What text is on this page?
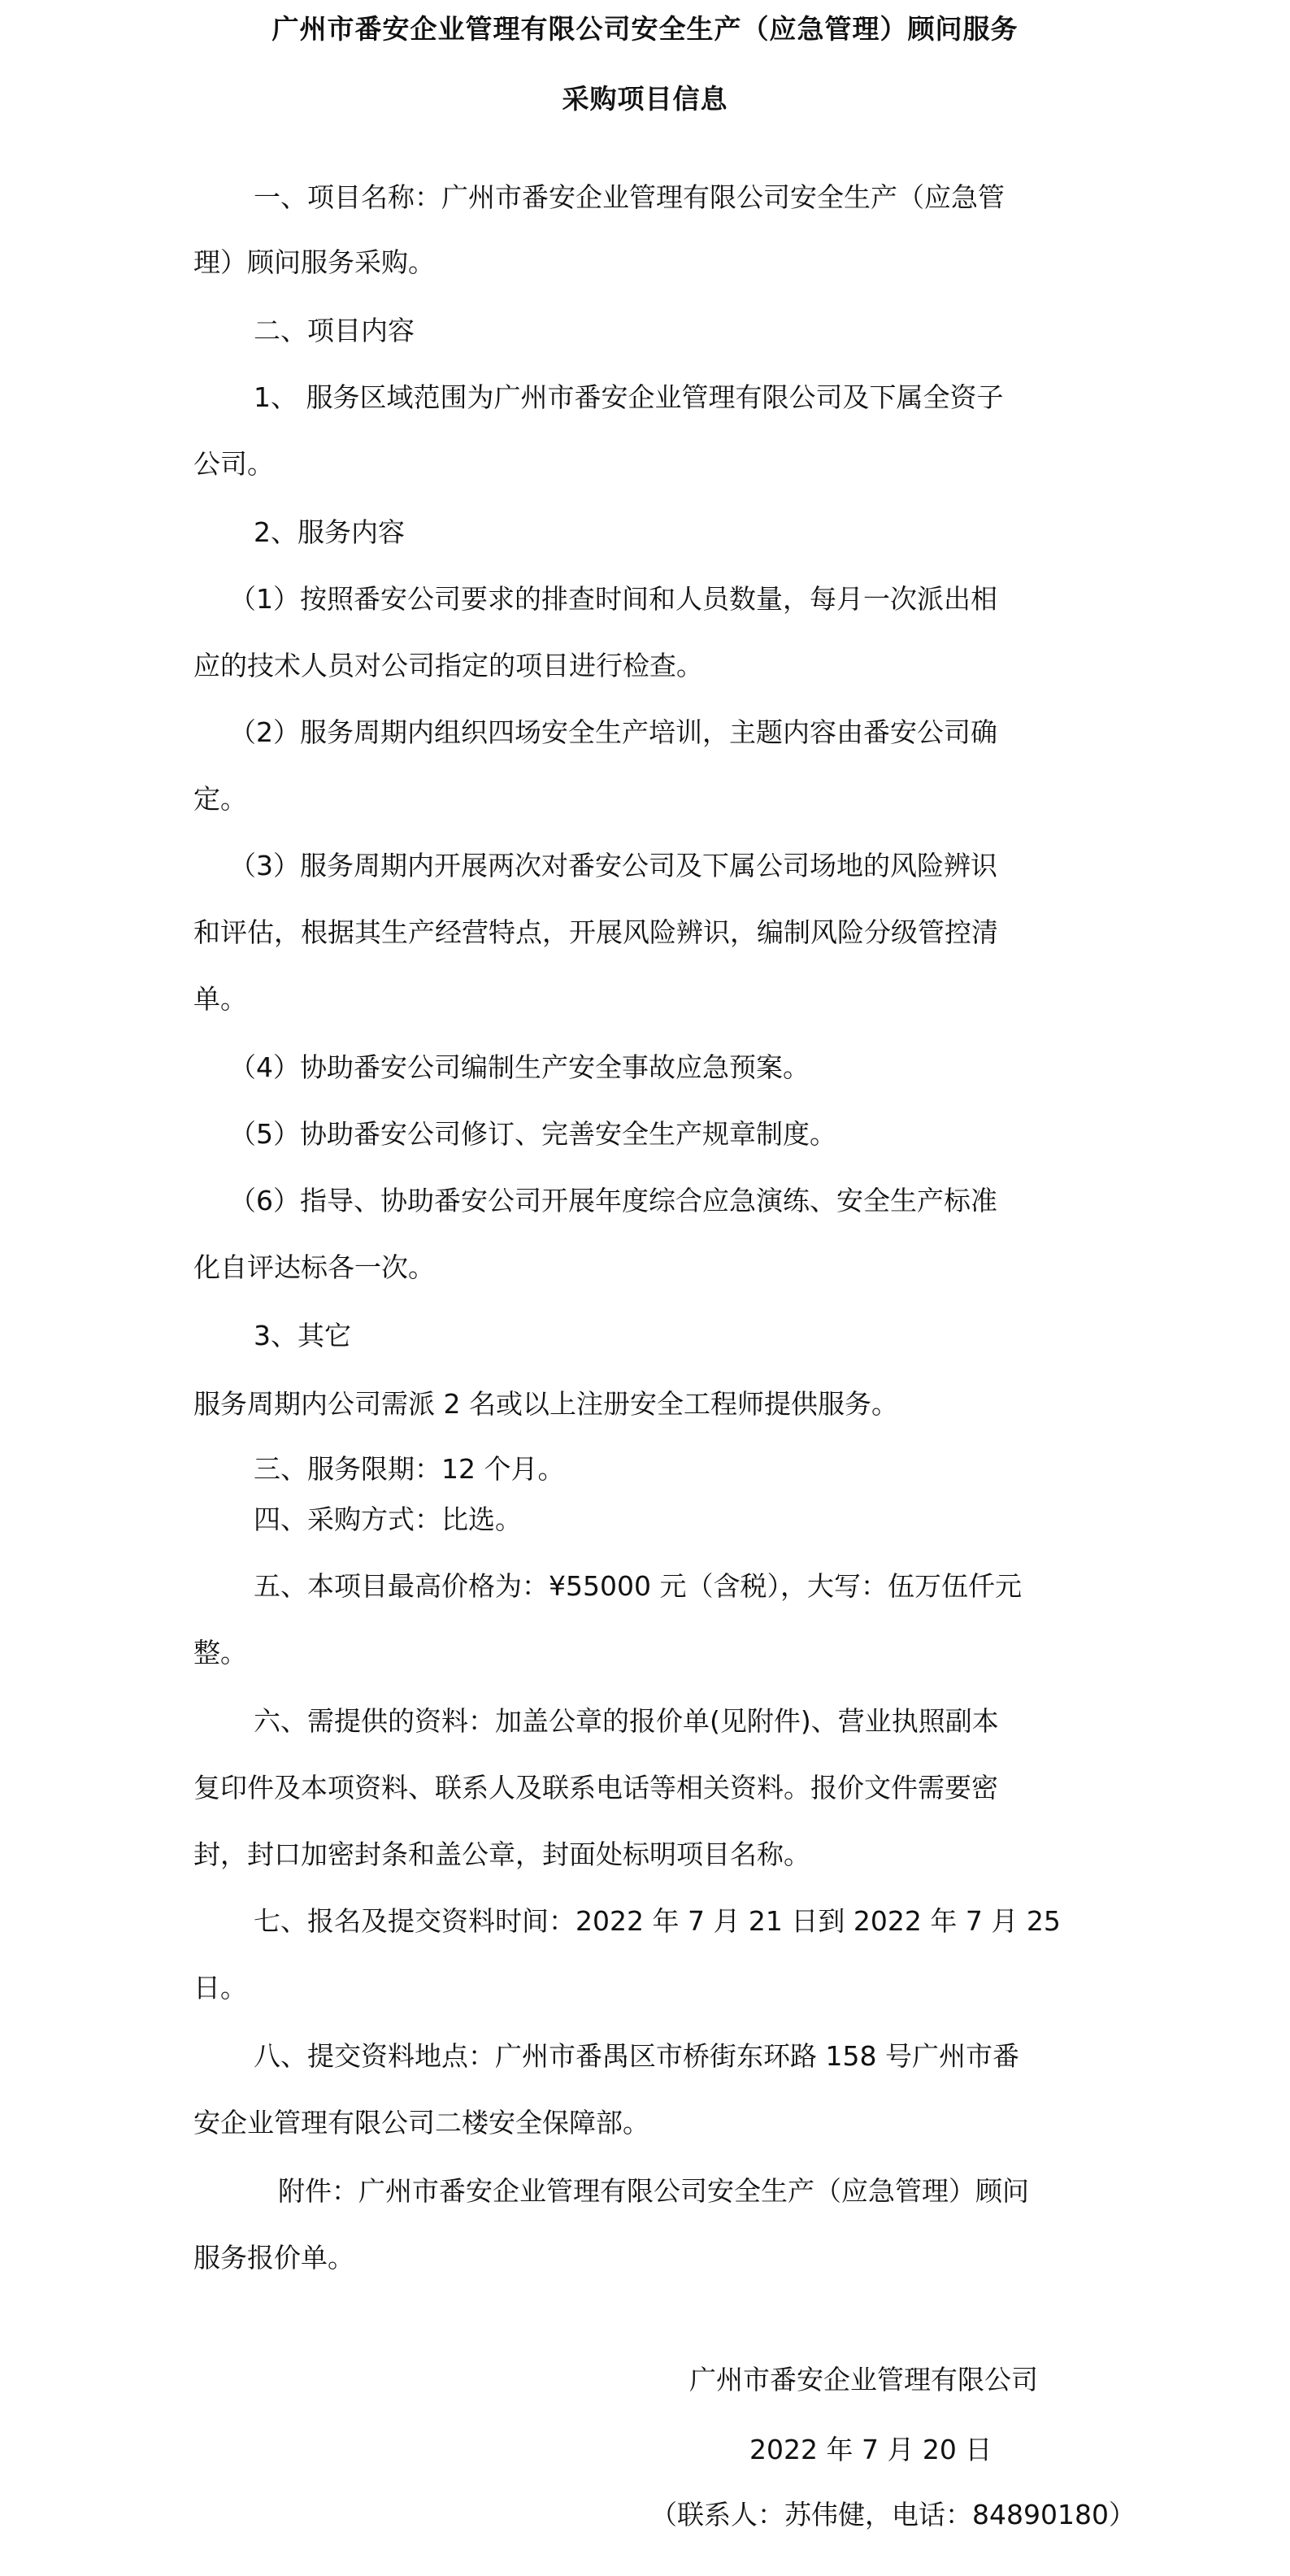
广州市番安企业管理有限公司安全生产（应急管理）顾问服务
采购项目信息
一、项目名称：广州市番安企业管理有限公司安全生产（应急管
理）顾问服务采购。
二、项目内容
1、 服务区域范围为广州市番安企业管理有限公司及下属全资子
公司。
2、服务内容
（1）按照番安公司要求的排查时间和人员数量，每月一次派出相
应的技术人员对公司指定的项目进行检查。
（2）服务周期内组织四场安全生产培训，主题内容由番安公司确
定。
（3）服务周期内开展两次对番安公司及下属公司场地的风险辨识
和评估，根据其生产经营特点，开展风险辨识，编制风险分级管控清
单。
（4）协助番安公司编制生产安全事故应急预案。
（5）协助番安公司修订、完善安全生产规章制度。
（6）指导、协助番安公司开展年度综合应急演练、安全生产标准
化自评达标各一次。
3、其它
服务周期内公司需派 2 名或以上注册安全工程师提供服务。
三、服务限期：12 个月。
四、采购方式：比选。
五、本项目最高价格为：¥55000 元（含税），大写：伍万伍仟元
整。
六、需提供的资料：加盖公章的报价单(见附件)、营业执照副本
复印件及本项资料、联系人及联系电话等相关资料。报价文件需要密
封，封口加密封条和盖公章，封面处标明项目名称。
七、报名及提交资料时间：2022 年 7 月 21 日到 2022 年 7 月 25
日。
八、提交资料地点：广州市番禺区市桥街东环路 158 号广州市番
安企业管理有限公司二楼安全保障部。
附件：广州市番安企业管理有限公司安全生产（应急管理）顾问
服务报价单。
广州市番安企业管理有限公司
2022 年 7 月 20 日
（联系人：苏伟健，电话：84890180）
